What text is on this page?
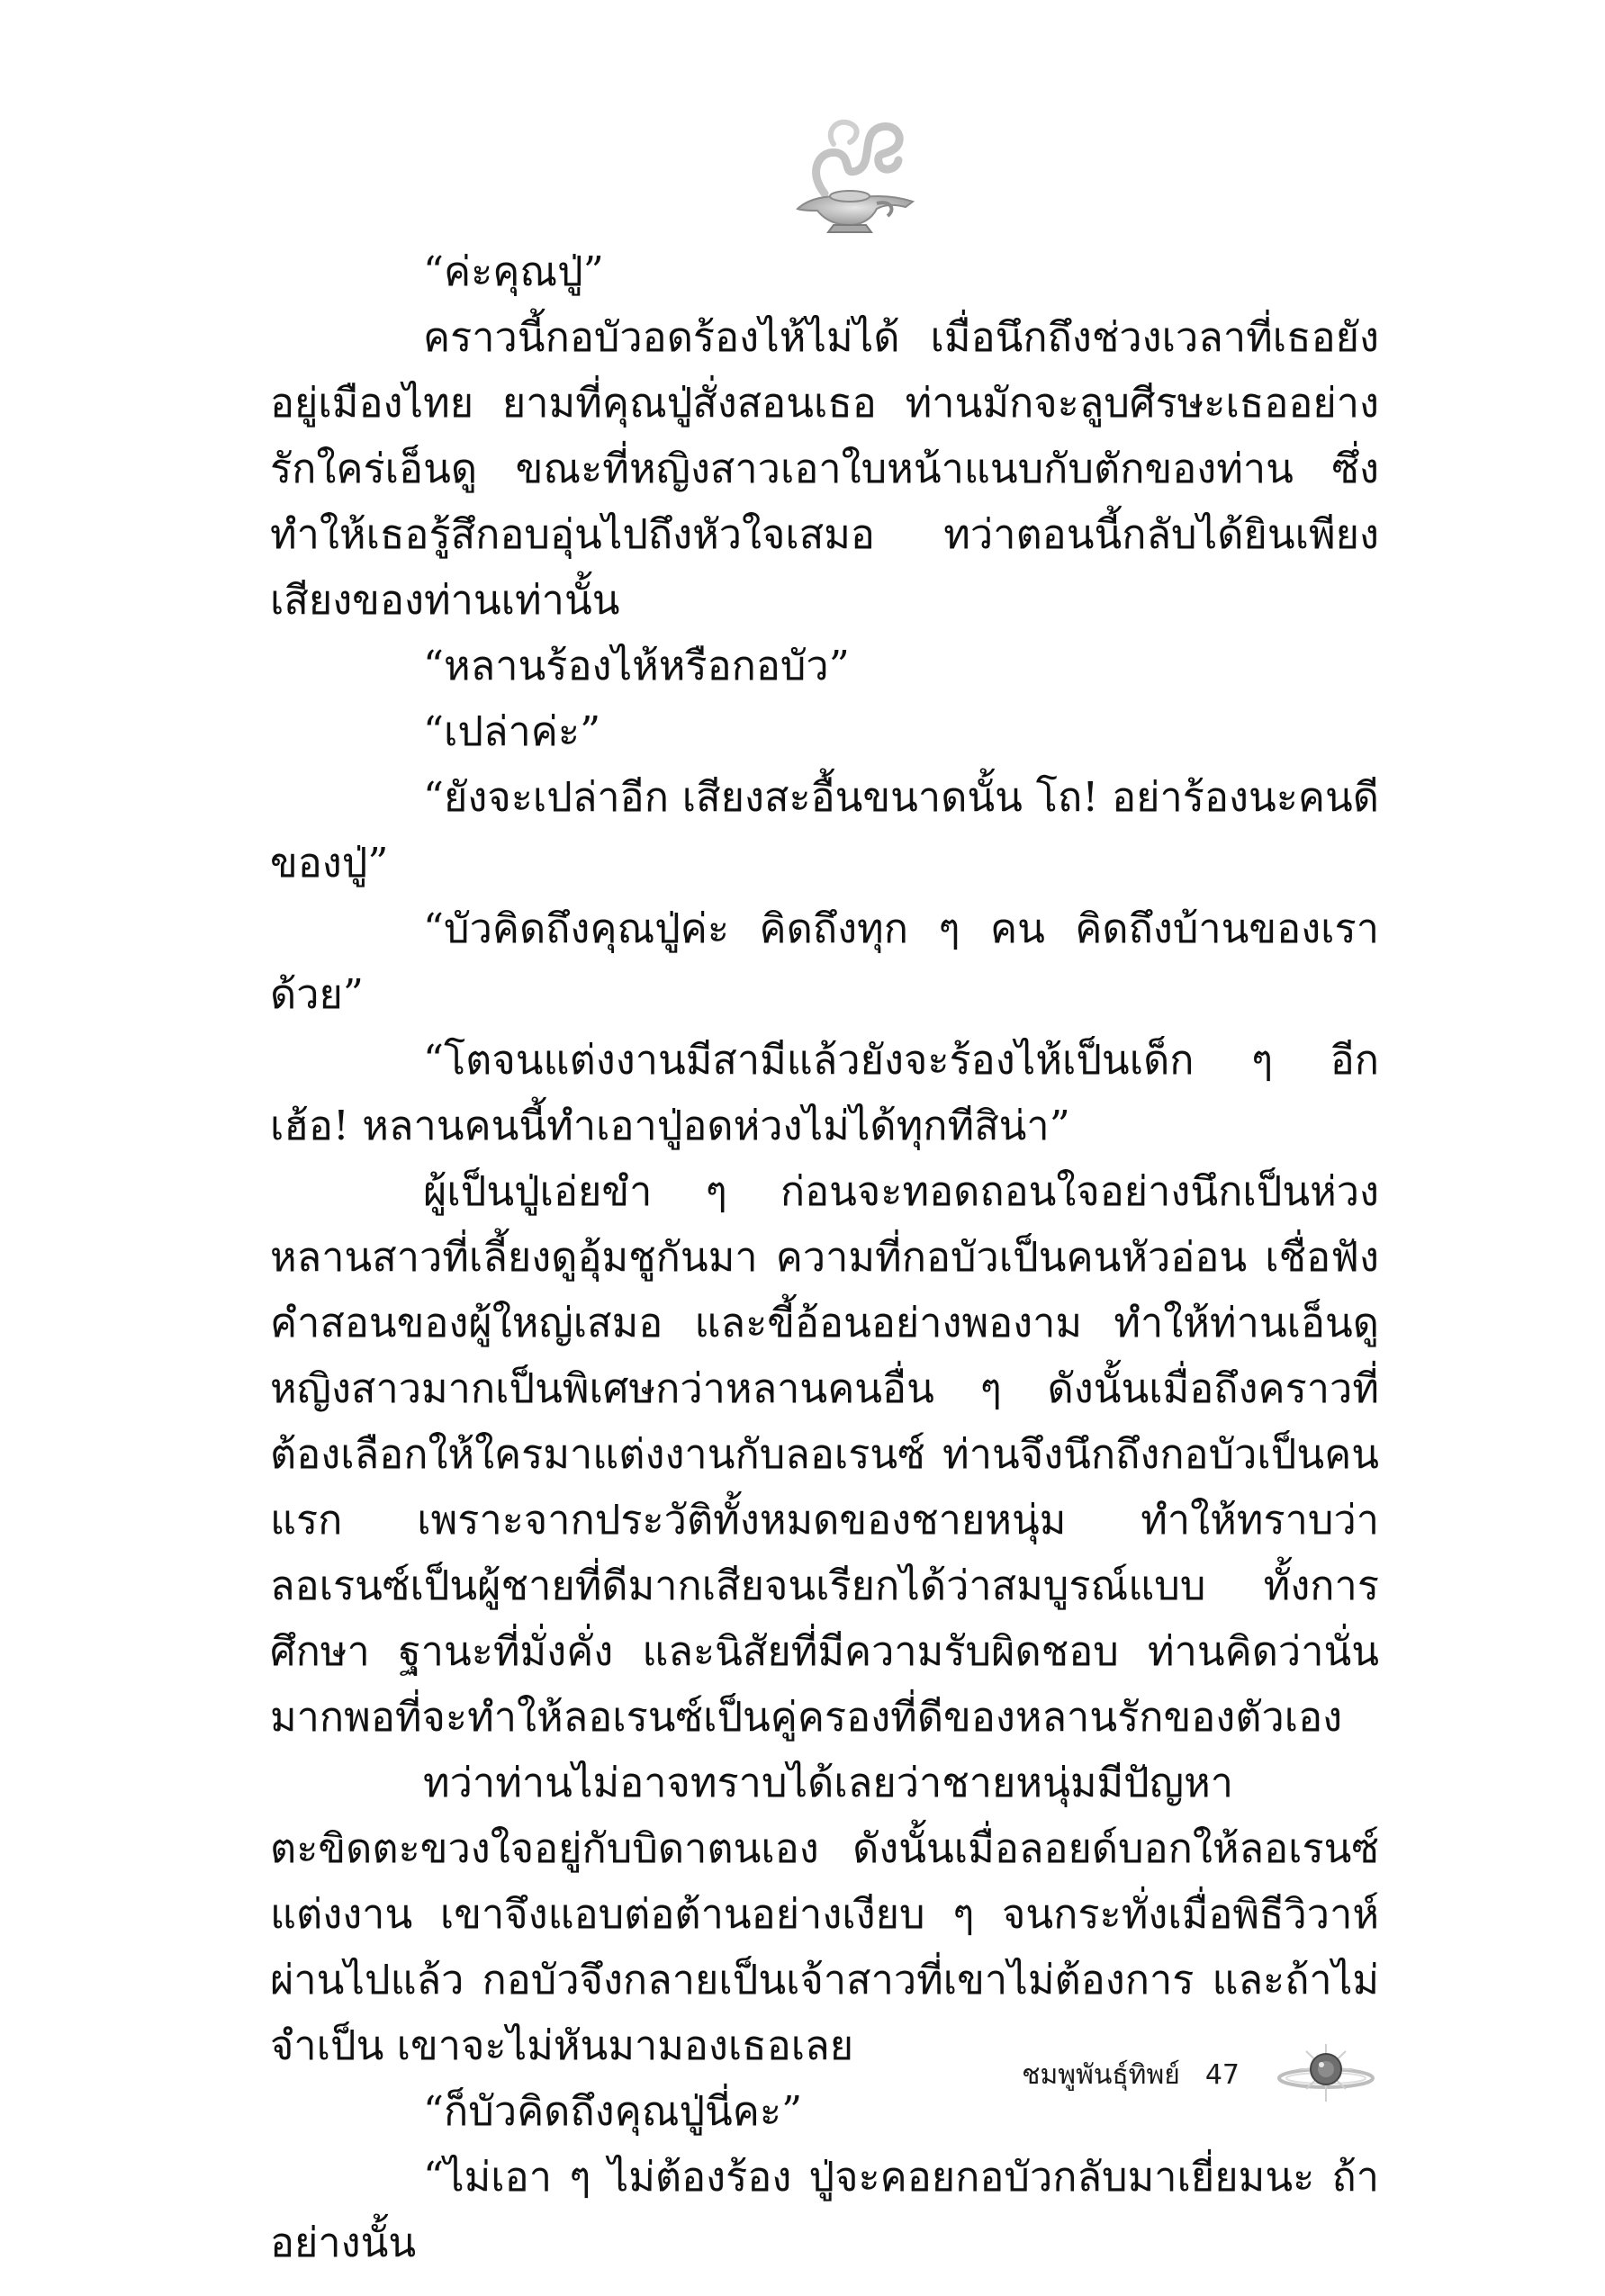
“ค่ะคุณปู่”

คราวนี้กอบัวอดร้องไห้ไม่ได้ เมื่อนึกถึงช่วงเวลาที่เธอยังอยู่เมืองไทย ยามที่คุณปู่สั่งสอนเธอ ท่านมักจะลูบศีรษะเธออย่างรักใคร่เอ็นดู ขณะที่หญิงสาวเอาใบหน้าแนบกับตักของท่าน ซึ่งทำให้เธอรู้สึกอบอุ่นไปถึงหัวใจเสมอ ทว่าตอนนี้กลับได้ยินเพียงเสียงของท่านเท่านั้น

“หลานร้องไห้หรือกอบัว”

“เปล่าค่ะ”

“ยังจะเปล่าอีก เสียงสะอื้นขนาดนั้น โถ! อย่าร้องนะคนดีของปู่”

“บัวคิดถึงคุณปู่ค่ะ คิดถึงทุก ๆ คน คิดถึงบ้านของเราด้วย”

“โตจนแต่งงานมีสามีแล้วยังจะร้องไห้เป็นเด็ก ๆ อีก เฮ้อ! หลานคนนี้ทำเอาปู่อดห่วงไม่ได้ทุกทีสิน่า”

ผู้เป็นปู่เอ่ยขำ ๆ ก่อนจะทอดถอนใจอย่างนึกเป็นห่วงหลานสาวที่เลี้ยงดูอุ้มชูกันมา ความที่กอบัวเป็นคนหัวอ่อน เชื่อฟังคำสอนของผู้ใหญ่เสมอ และขี้อ้อนอย่างพองาม ทำให้ท่านเอ็นดูหญิงสาวมากเป็นพิเศษกว่าหลานคนอื่น ๆ ดังนั้นเมื่อถึงคราวที่ต้องเลือกให้ใครมาแต่งงานกับลอเรนซ์ ท่านจึงนึกถึงกอบัวเป็นคนแรก เพราะจากประวัติทั้งหมดของชายหนุ่ม ทำให้ทราบว่าลอเรนซ์เป็นผู้ชายที่ดีมากเสียจนเรียกได้ว่าสมบูรณ์แบบ ทั้งการศึกษา ฐานะที่มั่งคั่ง และนิสัยที่มีความรับผิดชอบ ท่านคิดว่านั่นมากพอที่จะทำให้ลอเรนซ์เป็นคู่ครองที่ดีของหลานรักของตัวเอง

ทว่าท่านไม่อาจทราบได้เลยว่าชายหนุ่มมีปัญหาตะขิดตะขวงใจอยู่กับบิดาตนเอง ดังนั้นเมื่อลอยด์บอกให้ลอเรนซ์แต่งงาน เขาจึงแอบต่อต้านอย่างเงียบ ๆ จนกระทั่งเมื่อพิธีวิวาห์ผ่านไปแล้ว กอบัวจึงกลายเป็นเจ้าสาวที่เขาไม่ต้องการ และถ้าไม่จำเป็น เขาจะไม่หันมามองเธอเลย

“ก็บัวคิดถึงคุณปู่นี่คะ”

“ไม่เอา ๆ ไม่ต้องร้อง ปู่จะคอยกอบัวกลับมาเยี่ยมนะ ถ้าอย่างนั้น

ชมพูพันธุ์ทิพย์ 47
